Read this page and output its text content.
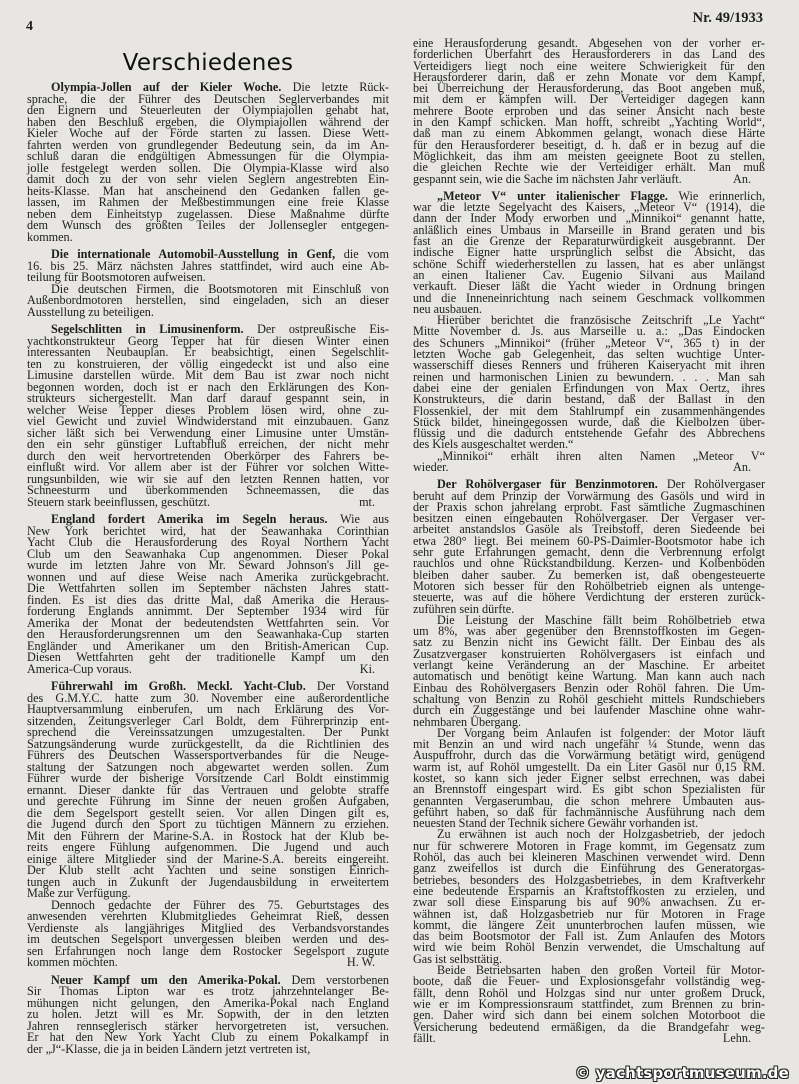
4
Nr. 49/1933
Verschiedenes
Olympia-Jollen auf der Kieler Woche. Die letzte Rück-
sprache, die der Führer des Deutschen Seglerverbandes mit
den Eignern und Steuerleuten der Olympiajollen gehabt hat,
haben den Beschluß ergeben, die Olympiajollen während der
Kieler Woche auf der Förde starten zu lassen. Diese Wett-
fahrten werden von grundlegender Bedeutung sein, da im An-
schluß daran die endgültigen Abmessungen für die Olympia-
jolle festgelegt werden sollen. Die Olympia-Klasse wird also
damit doch zu der von sehr vielen Seglern angestrebten Ein-
heits-Klasse. Man hat anscheinend den Gedanken fallen ge-
lassen, im Rahmen der Meßbestimmungen eine freie Klasse
neben dem Einheitstyp zugelassen. Diese Maßnahme dürfte
dem Wunsch des größten Teiles der Jollensegler entgegen-
kommen.
Die internationale Automobil-Ausstellung in Genf, die vom
16. bis 25. März nächsten Jahres stattfindet, wird auch eine Ab-
teilung für Bootsmotoren aufweisen.
Die deutschen Firmen, die Bootsmotoren mit Einschluß von
Außenbordmotoren herstellen, sind eingeladen, sich an dieser
Ausstellung zu beteiligen.
Segelschlitten in Limusinenform. Der ostpreußische Eis-
yachtkonstrukteur Georg Tepper hat für diesen Winter einen
interessanten Neubauplan. Er beabsichtigt, einen Segelschlit-
ten zu konstruieren, der völlig eingedeckt ist und also eine
Limusine darstellen würde. Mit dem Bau ist zwar noch nicht
begonnen worden, doch ist er nach den Erklärungen des Kon-
strukteurs sichergestellt. Man darf darauf gespannt sein, in
welcher Weise Tepper dieses Problem lösen wird, ohne zu-
viel Gewicht und zuviel Windwiderstand mit einzubauen. Ganz
sicher läßt sich bei Verwendung einer Limusine unter Umstän-
den ein sehr günstiger Luftabfluß erreichen, der nicht mehr
durch den weit hervortretenden Oberkörper des Fahrers be-
einflußt wird. Vor allem aber ist der Führer vor solchen Witte-
rungsunbilden, wie wir sie auf den letzten Rennen hatten, vor
Schneesturm und überkommenden Schneemassen, die das
Steuern stark beeinflussen, geschützt.	mt.
England fordert Amerika im Segeln heraus. Wie aus
New York berichtet wird, hat der Seawanhaka Corinthian
Yacht Club die Herausforderung des Royal Northern Yacht
Club um den Seawanhaka Cup angenommen. Dieser Pokal
wurde im letzten Jahre von Mr. Seward Johnson's Jill ge-
wonnen und auf diese Weise nach Amerika zurückgebracht.
Die Wettfahrten sollen im September nächsten Jahres statt-
finden. Es ist dies das dritte Mal, daß Amerika die Heraus-
forderung Englands annimmt. Der September 1934 wird für
Amerika der Monat der bedeutendsten Wettfahrten sein. Vor
den Herausforderungsrennen um den Seawanhaka-Cup starten
Engländer und Amerikaner um den British-American Cup.
Diesen Wettfahrten geht der traditionelle Kampf um den
America-Cup voraus.	Ki.
Führerwahl im Großh. Meckl. Yacht-Club. Der Vorstand
des G.M.Y.C. hatte zum 30. November eine außerordentliche
Hauptversammlung einberufen, um nach Erklärung des Vor-
sitzenden, Zeitungsverleger Carl Boldt, dem Führerprinzip ent-
sprechend die Vereinssatzungen umzugestalten. Der Punkt
Satzungsänderung wurde zurückgestellt, da die Richtlinien des
Führers des Deutschen Wassersportverbandes für die Neuge-
staltung der Satzungen noch abgewartet werden sollen. Zum
Führer wurde der bisherige Vorsitzende Carl Boldt einstimmig
ernannt. Dieser dankte für das Vertrauen und gelobte straffe
und gerechte Führung im Sinne der neuen großen Aufgaben,
die dem Segelsport gestellt seien. Vor allen Dingen gilt es,
die Jugend durch den Sport zu tüchtigen Männern zu erziehen.
Mit den Führern der Marine-S.A. in Rostock hat der Klub be-
reits engere Fühlung aufgenommen. Die Jugend und auch
einige ältere Mitglieder sind der Marine-S.A. bereits eingereiht.
Der Klub stellt acht Yachten und seine sonstigen Einrich-
tungen auch in Zukunft der Jugendausbildung in erweitertem
Maße zur Verfügung.
Dennoch gedachte der Führer des 75. Geburtstages des
anwesenden verehrten Klubmitgliedes Geheimrat Rieß, dessen
Verdienste als langjähriges Mitglied des Verbandsvorstandes
im deutschen Segelsport unvergessen bleiben werden und des-
sen Erfahrungen noch lange dem Rostocker Segelsport zugute
kommen möchten.	H. W.
Neuer Kampf um den Amerika-Pokal. Dem verstorbenen
Sir Thomas Lipton war es trotz jahrzehntelanger Be-
mühungen nicht gelungen, den Amerika-Pokal nach England
zu holen. Jetzt will es Mr. Sopwith, der in den letzten
Jahren rennseglerisch stärker hervorgetreten ist, versuchen.
Er hat den New York Yacht Club zu einem Pokalkampf in
der „J“-Klasse, die ja in beiden Ländern jetzt vertreten ist,
eine Herausforderung gesandt. Abgesehen von der vorher er-
forderlichen Überfahrt des Herausforderers in das Land des
Verteidigers liegt noch eine weitere Schwierigkeit für den
Herausforderer darin, daß er zehn Monate vor dem Kampf,
bei Überreichung der Herausforderung, das Boot angeben muß,
mit dem er kämpfen will. Der Verteidiger dagegen kann
mehrere Boote erproben und das seiner Ansicht nach beste
in den Kampf schicken. Man hofft, schreibt „Yachting World“,
daß man zu einem Abkommen gelangt, wonach diese Härte
für den Herausforderer beseitigt, d. h. daß er in bezug auf die
Möglichkeit, das ihm am meisten geeignete Boot zu stellen,
die gleichen Rechte wie der Verteidiger erhält. Man muß
gespannt sein, wie die Sache im nächsten Jahr verläuft.	An.
„Meteor V“ unter italienischer Flagge. Wie erinnerlich,
war die letzte Segelyacht des Kaisers, „Meteor V“ (1914), die
dann der Inder Mody erworben und „Minnikoi“ genannt hatte,
anläßlich eines Umbaus in Marseille in Brand geraten und bis
fast an die Grenze der Reparaturwürdigkeit ausgebrannt. Der
indische Eigner hatte ursprünglich selbst die Absicht, das
schöne Schiff wiederherstellen zu lassen, hat es aber unlängst
an einen Italiener Cav. Eugenio Silvani aus Mailand
verkauft. Dieser läßt die Yacht wieder in Ordnung bringen
und die Inneneinrichtung nach seinem Geschmack vollkommen
neu ausbauen.
Hierüber berichtet die französische Zeitschrift „Le Yacht“
Mitte November d. Js. aus Marseille u. a.: „Das Eindocken
des Schuners „Minnikoi“ (früher „Meteor V“, 365 t) in der
letzten Woche gab Gelegenheit, das selten wuchtige Unter-
wasserschiff dieses Renners und früheren Kaiseryacht mit ihren
reinen und harmonischen Linien zu bewundern. . . . Man sah
dabei eine der genialen Erfindungen von Max Oertz, ihres
Konstrukteurs, die darin bestand, daß der Ballast in den
Flossenkiel, der mit dem Stahlrumpf ein zusammenhängendes
Stück bildet, hineingegossen wurde, daß die Kielbolzen über-
flüssig und die dadurch entstehende Gefahr des Abbrechens
des Kiels ausgeschaltet werden.“
„Minnikoi“ erhält ihren alten Namen „Meteor V“
wieder.	An.
Der Rohölvergaser für Benzinmotoren. Der Rohölvergaser
beruht auf dem Prinzip der Vorwärmung des Gasöls und wird in
der Praxis schon jahrelang erprobt. Fast sämtliche Zugmaschinen
besitzen einen eingebauten Rohölvergaser. Der Vergaser ver-
arbeitet anstandslos Gasöle als Treibstoff, deren Siedeende bei
etwa 280° liegt. Bei meinem 60-PS-Daimler-Bootsmotor habe ich
sehr gute Erfahrungen gemacht, denn die Verbrennung erfolgt
rauchlos und ohne Rückstandbildung. Kerzen- und Kolbenböden
bleiben daher sauber. Zu bemerken ist, daß obengesteuerte
Motoren sich besser für den Rohölbetrieb eignen als untenge-
steuerte, was auf die höhere Verdichtung der ersteren zurück-
zuführen sein dürfte.
Die Leistung der Maschine fällt beim Rohölbetrieb etwa
um 8%, was aber gegenüber den Brennstoffkosten im Gegen-
satz zu Benzin nicht ins Gewicht fällt. Der Einbau des als
Zusatzvergaser konstruierten Rohölvergasers ist einfach und
verlangt keine Veränderung an der Maschine. Er arbeitet
automatisch und benötigt keine Wartung. Man kann auch nach
Einbau des Rohölvergasers Benzin oder Rohöl fahren. Die Um-
schaltung von Benzin zu Rohöl geschieht mittels Rundschiebers
durch ein Zuggestänge und bei laufender Maschine ohne wahr-
nehmbaren Übergang.
Der Vorgang beim Anlaufen ist folgender: der Motor läuft
mit Benzin an und wird nach ungefähr ¼ Stunde, wenn das
Auspuffrohr, durch das die Vorwärmung betätigt wird, genügend
warm ist, auf Rohöl umgestellt. Da ein Liter Gasöl nur 0,15 RM.
kostet, so kann sich jeder Eigner selbst errechnen, was dabei
an Brennstoff eingespart wird. Es gibt schon Spezialisten für
genannten Vergaserumbau, die schon mehrere Umbauten aus-
geführt haben, so daß für fachmännische Ausführung nach dem
neuesten Stand der Technik sichere Gewähr vorhanden ist.
Zu erwähnen ist auch noch der Holzgasbetrieb, der jedoch
nur für schwerere Motoren in Frage kommt, im Gegensatz zum
Rohöl, das auch bei kleineren Maschinen verwendet wird. Denn
ganz zweifellos ist durch die Einführung des Generatorgas-
betriebes, besonders des Holzgasbetriebes, in dem Kraftverkehr
eine bedeutende Ersparnis an Kraftstoffkosten zu erzielen, und
zwar soll diese Einsparung bis auf 90% anwachsen. Zu er-
wähnen ist, daß Holzgasbetrieb nur für Motoren in Frage
kommt, die längere Zeit ununterbrochen laufen müssen, wie
das beim Bootsmotor der Fall ist. Zum Anlaufen des Motors
wird wie beim Rohöl Benzin verwendet, die Umschaltung auf
Gas ist selbsttätig.
Beide Betriebsarten haben den großen Vorteil für Motor-
boote, daß die Feuer- und Explosionsgefahr vollständig weg-
fällt, denn Rohöl und Holzgas sind nur unter großem Druck,
wie er im Kompressionsraum stattfindet, zum Brennen zu brin-
gen. Daher wird sich dann bei einem solchen Motorboot die
Versicherung bedeutend ermäßigen, da die Brandgefahr weg-
fällt.	Lehn.
© yachtsportmuseum.de
